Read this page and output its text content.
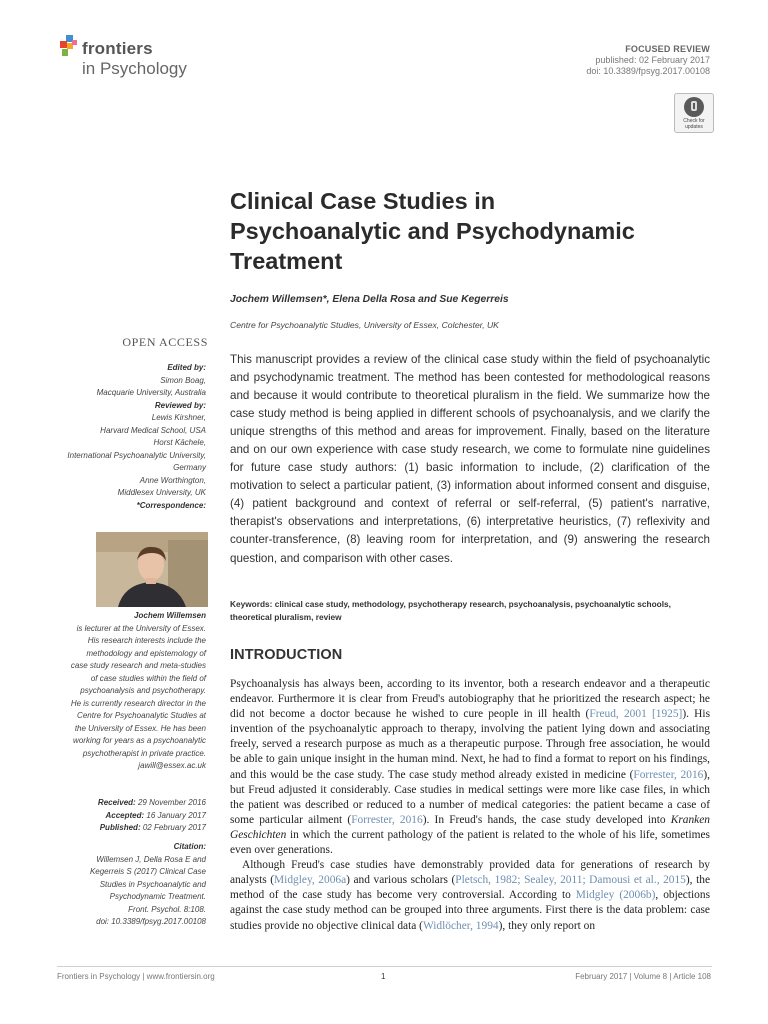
frontiers
in Psychology
FOCUSED REVIEW
published: 02 February 2017
doi: 10.3389/fpsyg.2017.00108
Check for
updates
Clinical Case Studies in
Psychoanalytic and Psychodynamic
Treatment
Jochem Willemsen*, Elena Della Rosa and Sue Kegerreis
Centre for Psychoanalytic Studies, University of Essex, Colchester, UK
OPEN ACCESS
Edited by:
Simon Boag,
Macquarie University, Australia
Reviewed by:
Lewis Kirshner,
Harvard Medical School, USA
Horst Kächele,
International Psychoanalytic University,
Germany
Anne Worthington,
Middlesex University, UK
*Correspondence:
Jochem Willemsen
is lecturer at the University of Essex.
His research interests include the
methodology and epistemology of
case study research and meta-studies
of case studies within the field of
psychoanalysis and psychotherapy.
He is currently research director in the
Centre for Psychoanalytic Studies at
the University of Essex. He has been
working for years as a psychoanalytic
psychotherapist in private practice.
jawill@essex.ac.uk
Received: 29 November 2016
Accepted: 16 January 2017
Published: 02 February 2017
Citation:
Willemsen J, Della Rosa E and
Kegerreis S (2017) Clinical Case
Studies in Psychoanalytic and
Psychodynamic Treatment.
Front. Psychol. 8:108.
doi: 10.3389/fpsyg.2017.00108
This manuscript provides a review of the clinical case study within the field of psychoanalytic and psychodynamic treatment. The method has been contested for methodological reasons and because it would contribute to theoretical pluralism in the field. We summarize how the case study method is being applied in different schools of psychoanalysis, and we clarify the unique strengths of this method and areas for improvement. Finally, based on the literature and on our own experience with case study research, we come to formulate nine guidelines for future case study authors: (1) basic information to include, (2) clarification of the motivation to select a particular patient, (3) information about informed consent and disguise, (4) patient background and context of referral or self-referral, (5) patient's narrative, therapist's observations and interpretations, (6) interpretative heuristics, (7) reflexivity and counter-transference, (8) leaving room for interpretation, and (9) answering the research question, and comparison with other cases.
Keywords: clinical case study, methodology, psychotherapy research, psychoanalysis, psychoanalytic schools, theoretical pluralism, review
INTRODUCTION

Psychoanalysis has always been, according to its inventor, both a research endeavor and a therapeutic endeavor. Furthermore it is clear from Freud's autobiography that he prioritized the research aspect; he did not become a doctor because he wished to cure people in ill health (Freud, 2001 [1925]). His invention of the psychoanalytic approach to therapy, involving the patient lying down and associating freely, served a research purpose as much as a therapeutic purpose. Through free association, he would be able to gain unique insight in the human mind. Next, he had to find a format to report on his findings, and this would be the case study. The case study method already existed in medicine (Forrester, 2016), but Freud adjusted it considerably. Case studies in medical settings were more like case files, in which the patient was described or reduced to a number of medical categories: the patient became a case of some particular ailment (Forrester, 2016). In Freud's hands, the case study developed into Kranken Geschichten in which the current pathology of the patient is related to the whole of his life, sometimes even over generations.

Although Freud's case studies have demonstrably provided data for generations of research by analysts (Midgley, 2006a) and various scholars (Pletsch, 1982; Sealey, 2011; Damousi et al., 2015), the method of the case study has become very controversial. According to Midgley (2006b), objections against the case study method can be grouped into three arguments. First there is the data problem: case studies provide no objective clinical data (Widlöcher, 1994), they only report on

Frontiers in Psychology | www.frontiersin.org	1	February 2017 | Volume 8 | Article 108
